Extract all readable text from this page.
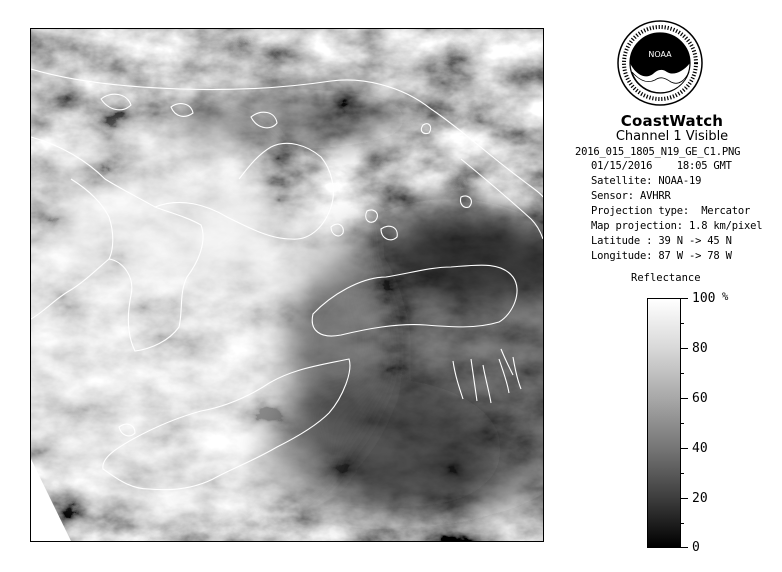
NOAA
CoastWatch
Channel 1 Visible
2016_015_1805_N19_GE_C1.PNG
01/15/2016    18:05 GMT
Satellite: NOAA-19
Sensor: AVHRR
Projection type:  Mercator
Map projection: 1.8 km/pixel
Latitude : 39 N -> 45 N
Longitude: 87 W -> 78 W
Reflectance
%
100
80
60
40
20
0
